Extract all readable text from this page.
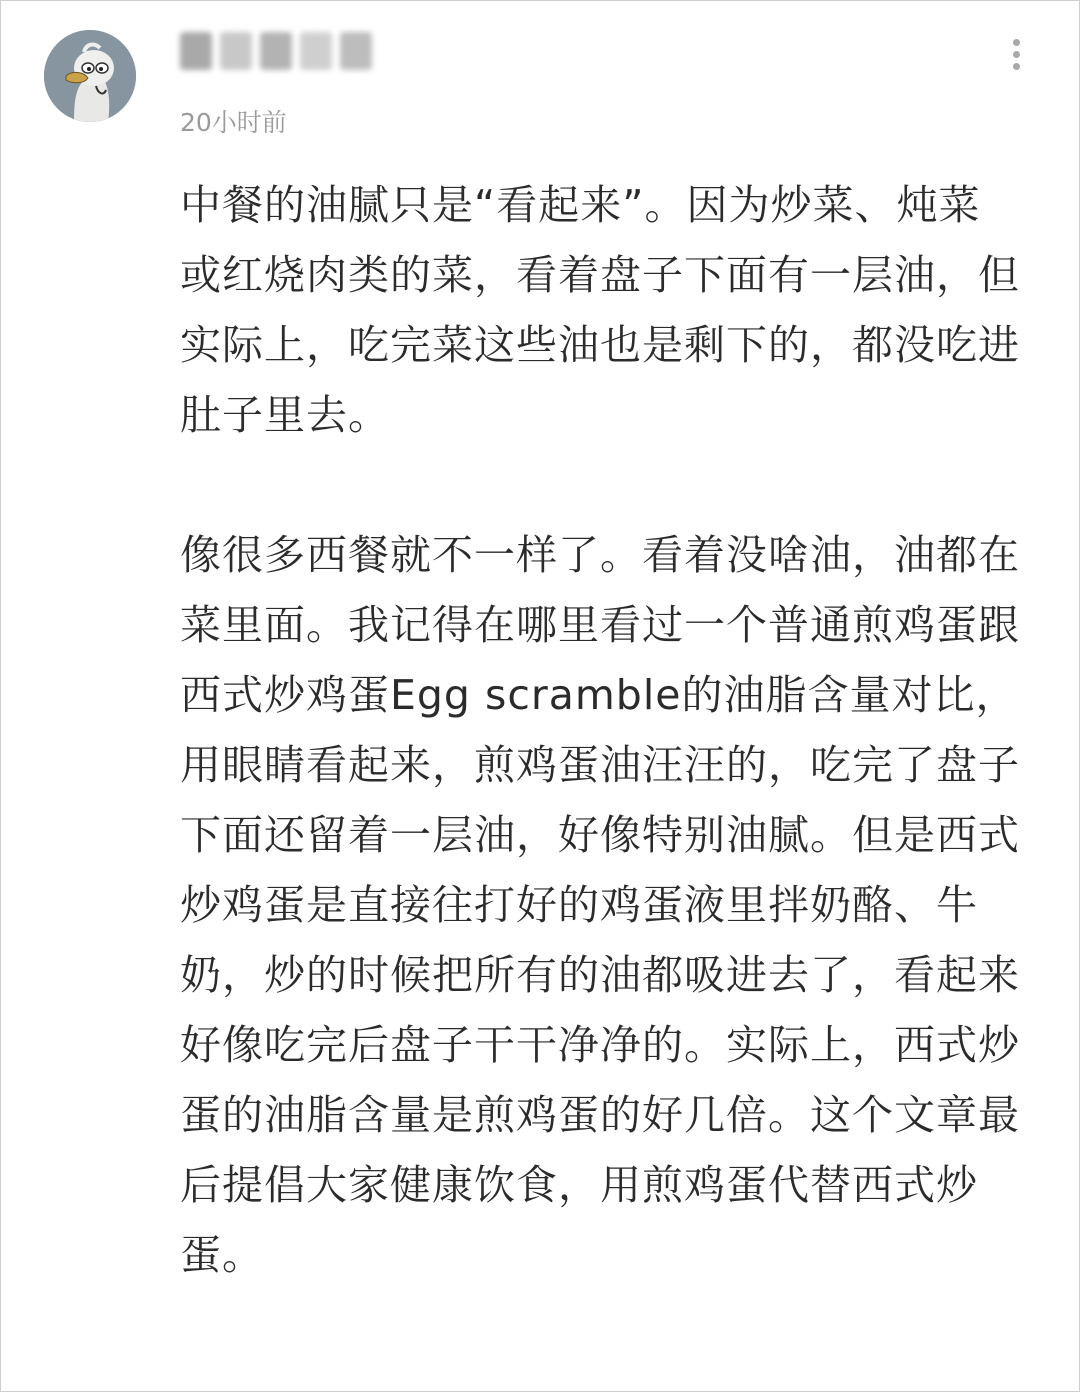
20小时前

中餐的油腻只是“看起来”。因为炒菜、炖菜或红烧肉类的菜，看着盘子下面有一层油，但实际上，吃完菜这些油也是剩下的，都没吃进肚子里去。

像很多西餐就不一样了。看着没啥油，油都在菜里面。我记得在哪里看过一个普通煎鸡蛋跟西式炒鸡蛋Egg scramble的油脂含量对比，用眼睛看起来，煎鸡蛋油汪汪的，吃完了盘子下面还留着一层油，好像特别油腻。但是西式炒鸡蛋是直接往打好的鸡蛋液里拌奶酪、牛奶，炒的时候把所有的油都吸进去了，看起来好像吃完后盘子干干净净的。实际上，西式炒蛋的油脂含量是煎鸡蛋的好几倍。这个文章最后提倡大家健康饮食，用煎鸡蛋代替西式炒蛋。
